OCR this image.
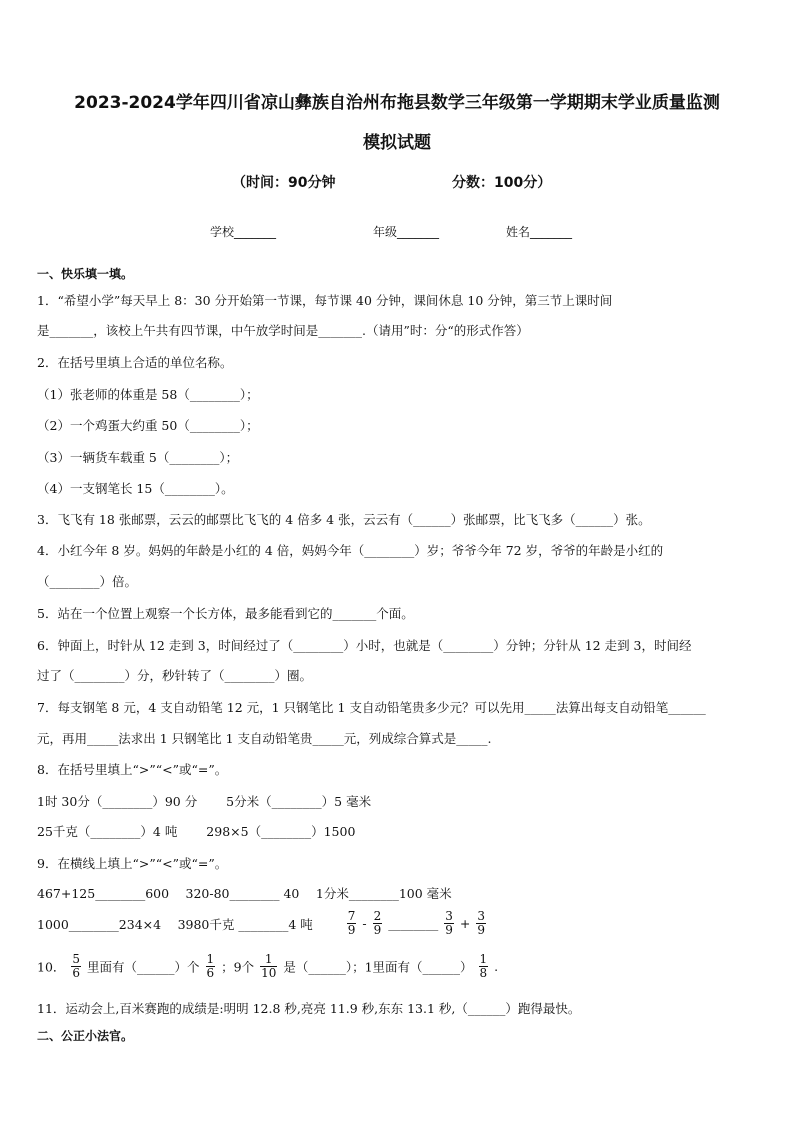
2023-2024学年四川省凉山彝族自治州布拖县数学三年级第一学期期末学业质量监测
模拟试题
（时间：90分钟	分数：100分）
学校_______	年级_______	姓名_______
一、快乐填一填。
1．“希望小学”每天早上 8：30 分开始第一节课，每节课 40 分钟，课间休息 10 分钟，第三节上课时间
是_______，该校上午共有四节课，中午放学时间是_______.（请用”时：分“的形式作答）
2．在括号里填上合适的单位名称。
（1）张老师的体重是 58（________）；
（2）一个鸡蛋大约重 50（________）；
（3）一辆货车载重 5（________）；
（4）一支钢笔长 15（________）。
3．飞飞有 18 张邮票，云云的邮票比飞飞的 4 倍多 4 张，云云有（______）张邮票，比飞飞多（______）张。
4．小红今年 8 岁。妈妈的年龄是小红的 4 倍，妈妈今年（________）岁；爷爷今年 72 岁，爷爷的年龄是小红的
（________）倍。
5．站在一个位置上观察一个长方体，最多能看到它的_______个面。
6．钟面上，时针从 12 走到 3，时间经过了（________）小时，也就是（________）分钟；分针从 12 走到 3，时间经
过了（________）分，秒针转了（________）圈。
7．每支钢笔 8 元，4 支自动铅笔 12 元，1 只钢笔比 1 支自动铅笔贵多少元？可以先用_____法算出每支自动铅笔______
元，再用_____法求出 1 只钢笔比 1 支自动铅笔贵_____元，列成综合算式是_____.
8．在括号里填上“>”“<”或“=”。
1时 30分（________）90 分　　 5分米（________）5 毫米
25千克（________）4 吨　　 298×5（________）1500
9．在横线上填上“>”“<”或“=”。
467+125________600　 320-80________ 40　 1分米________100 毫米
1000________234×4　 3980千克 ________4 吨	$\frac{7}{9} - \frac{2}{9}$ ________ $\frac{3}{9} + \frac{3}{9}$
10． $\frac{5}{6}$ 里面有（______）个 $\frac{1}{6}$ ；9个 $\frac{1}{10}$ 是（______）；1里面有（______） $\frac{1}{8}$ .
11．运动会上,百米赛跑的成绩是:明明 12.8 秒,亮亮 11.9 秒,东东 13.1 秒,（______）跑得最快。
二、公正小法官。
